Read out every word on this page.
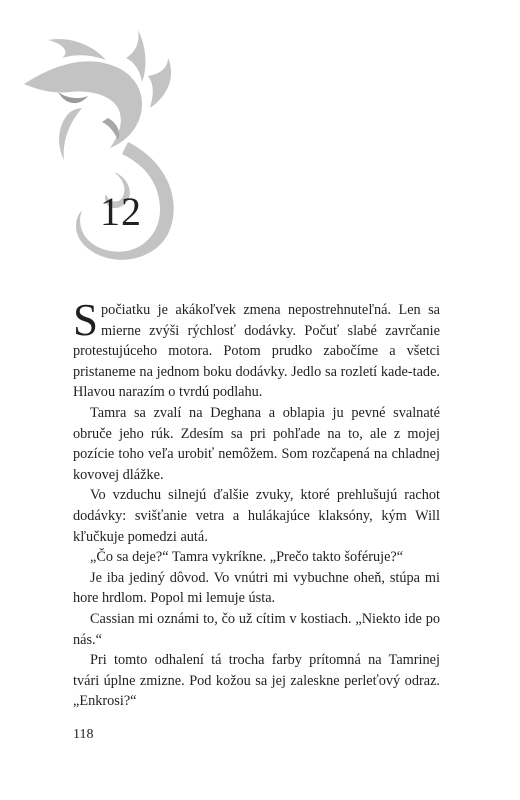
12

Spočiatku je akákoľvek zmena nepostrehnuteľná. Len sa mierne zvýši rýchlosť dodávky. Počuť slabé zavrčanie protestujúceho motora. Potom prudko zabočíme a všetci pristaneme na jednom boku dodávky. Jedlo sa rozletí kade-tade. Hlavou narazím o tvrdú podlahu.

Tamra sa zvalí na Deghana a oblapia ju pevné svalnaté obruče jeho rúk. Zdesím sa pri pohľade na to, ale z mojej pozície toho veľa urobiť nemôžem. Som rozčapená na chladnej kovovej dlážke.

Vo vzduchu silnejú ďalšie zvuky, ktoré prehlušujú rachot dodávky: svišťanie vetra a hulákajúce klaksóny, kým Will kľučkuje pomedzi autá.

„Čo sa deje?“ Tamra vykríkne. „Prečo takto šoféruje?“

Je iba jediný dôvod. Vo vnútri mi vybuchne oheň, stúpa mi hore hrdlom. Popol mi lemuje ústa.

Cassian mi oznámi to, čo už cítim v kostiach. „Niekto ide po nás.“

Pri tomto odhalení tá trocha farby prítomná na Tamrinej tvári úplne zmizne. Pod kožou sa jej zaleskne perleťový odraz. „Enkrosi?“

118
